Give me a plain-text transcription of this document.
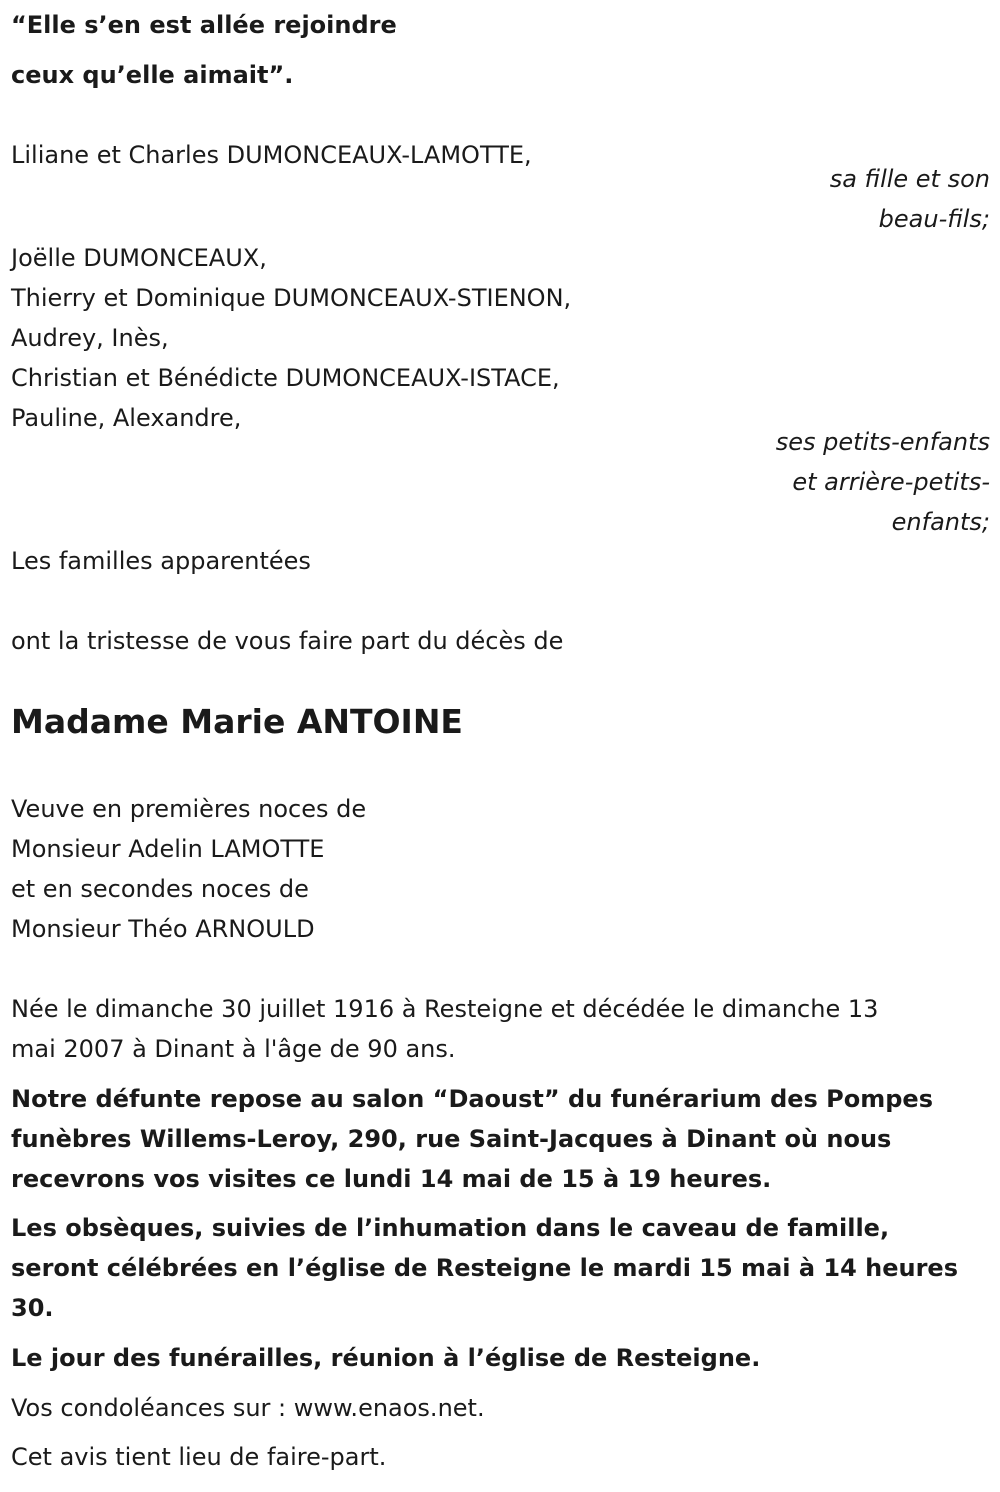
“Elle s’en est allée rejoindre

ceux qu’elle aimait”.

Liliane et Charles DUMONCEAUX-LAMOTTE,

sa fille et son

beau-fils;

Joëlle DUMONCEAUX,

Thierry et Dominique DUMONCEAUX-STIENON,

Audrey, Inès,

Christian et Bénédicte DUMONCEAUX-ISTACE,

Pauline, Alexandre,

ses petits-enfants

et arrière-petits-

enfants;

Les familles apparentées

ont la tristesse de vous faire part du décès de

Madame Marie ANTOINE

Veuve en premières noces de

Monsieur Adelin LAMOTTE

et en secondes noces de

Monsieur Théo ARNOULD

Née le dimanche 30 juillet 1916 à Resteigne et décédée le dimanche 13

mai 2007 à Dinant à l'âge de 90 ans.

Notre défunte repose au salon “Daoust” du funérarium des Pompes

funèbres Willems-Leroy, 290, rue Saint-Jacques à Dinant où nous

recevrons vos visites ce lundi 14 mai de 15 à 19 heures.

Les obsèques, suivies de l’inhumation dans le caveau de famille,

seront célébrées en l’église de Resteigne le mardi 15 mai à 14 heures

30.

Le jour des funérailles, réunion à l’église de Resteigne.

Vos condoléances sur : www.enaos.net.

Cet avis tient lieu de faire-part.
